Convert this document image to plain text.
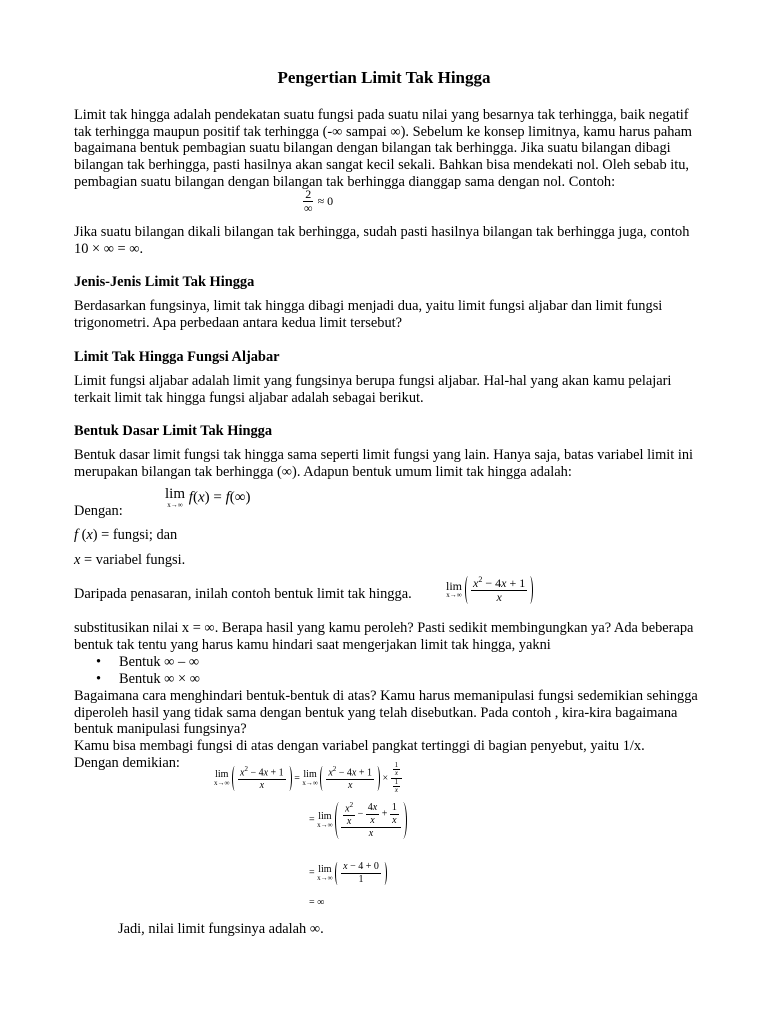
Pengertian Limit Tak Hingga

Limit tak hingga adalah pendekatan suatu fungsi pada suatu nilai yang besarnya tak terhingga, baik negatif tak terhingga maupun positif tak terhingga (-∞ sampai ∞). Sebelum ke konsep limitnya, kamu harus paham bagaimana bentuk pembagian suatu bilangan dengan bilangan tak berhingga. Jika suatu bilangan dibagi bilangan tak berhingga, pasti hasilnya akan sangat kecil sekali. Bahkan bisa mendekati nol. Oleh sebab itu, pembagian suatu bilangan dengan bilangan tak berhingga dianggap sama dengan nol. Contoh:

$\frac{2}{\infty} \approx 0$

Jika suatu bilangan dikali bilangan tak berhingga, sudah pasti hasilnya bilangan tak berhingga juga, contoh 10 × ∞ = ∞.

Jenis-Jenis Limit Tak Hingga

Berdasarkan fungsinya, limit tak hingga dibagi menjadi dua, yaitu limit fungsi aljabar dan limit fungsi trigonometri. Apa perbedaan antara kedua limit tersebut?

Limit Tak Hingga Fungsi Aljabar

Limit fungsi aljabar adalah limit yang fungsinya berupa fungsi aljabar. Hal-hal yang akan kamu pelajari terkait limit tak hingga fungsi aljabar adalah sebagai berikut.

Bentuk Dasar Limit Tak Hingga

Bentuk dasar limit fungsi tak hingga sama seperti limit fungsi yang lain. Hanya saja, batas variabel limit ini merupakan bilangan tak berhingga (∞). Adapun bentuk umum limit tak hingga adalah:

lim
x→∞ f(x) = f(∞)

Dengan:

f (x) = fungsi; dan

x = variabel fungsi.

Daripada penasaran, inilah contoh bentuk limit tak hingga.	lim
x→∞
$\frac{x^2 - 4x + 1}{x}$

substitusikan nilai x = ∞. Berapa hasil yang kamu peroleh? Pasti sedikit membingungkan ya? Ada beberapa bentuk tak tentu yang harus kamu hindari saat mengerjakan limit tak hingga, yakni

• Bentuk ∞ – ∞
• Bentuk ∞ × ∞

Bagaimana cara menghindari bentuk-bentuk di atas? Kamu harus memanipulasi fungsi sedemikian sehingga diperoleh hasil yang tidak sama dengan bentuk yang telah disebutkan. Pada contoh , kira-kira bagaimana bentuk manipulasi fungsinya?

Kamu bisa membagi fungsi di atas dengan variabel pangkat tertinggi di bagian penyebut, yaitu 1/x.

Dengan demikian:

lim
x→∞
$\frac{x^2 - 4x + 1}{x} = \lim$
x→∞
$\frac{x^2 - 4x + 1}{x} \times \frac{\frac{1}{x}}{\frac{1}{x}}$
= lim
x→∞
$\frac{\frac{x^2}{x} - \frac{4x}{x} + \frac{1}{x}}{x}$
= lim
x→∞
$\frac{x - 4 + 0}{1}$
= ∞

Jadi, nilai limit fungsinya adalah ∞.
